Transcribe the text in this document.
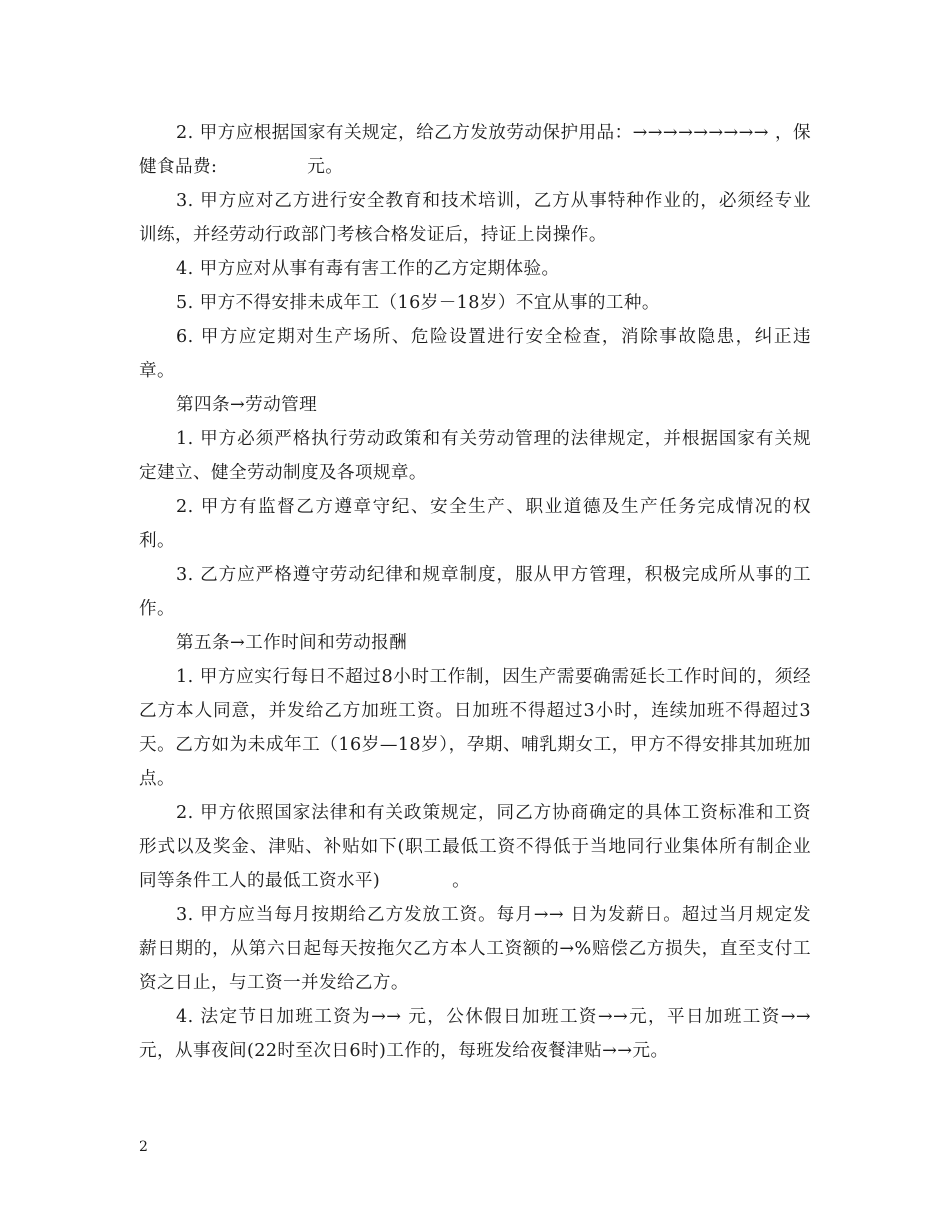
2. 甲方应根据国家有关规定，给乙方发放劳动保护用品：→→→→→→→→→ ，保健食品费:　　　　　元。

3. 甲方应对乙方进行安全教育和技术培训，乙方从事特种作业的，必须经专业训练，并经劳动行政部门考核合格发证后，持证上岗操作。

4. 甲方应对从事有毒有害工作的乙方定期体验。

5. 甲方不得安排未成年工（16岁－18岁）不宜从事的工种。

6. 甲方应定期对生产场所、危险设置进行安全检查，消除事故隐患，纠正违章。

第四条→劳动管理

1. 甲方必须严格执行劳动政策和有关劳动管理的法律规定，并根据国家有关规定建立、健全劳动制度及各项规章。

2. 甲方有监督乙方遵章守纪、安全生产、职业道德及生产任务完成情况的权利。

3. 乙方应严格遵守劳动纪律和规章制度，服从甲方管理，积极完成所从事的工作。

第五条→工作时间和劳动报酬

1. 甲方应实行每日不超过8小时工作制，因生产需要确需延长工作时间的，须经乙方本人同意，并发给乙方加班工资。日加班不得超过3小时，连续加班不得超过3天。乙方如为未成年工（16岁—18岁），孕期、哺乳期女工，甲方不得安排其加班加点。

2. 甲方依照国家法律和有关政策规定，同乙方协商确定的具体工资标准和工资形式以及奖金、津贴、补贴如下(职工最低工资不得低于当地同行业集体所有制企业同等条件工人的最低工资水平)　　　　。

3. 甲方应当每月按期给乙方发放工资。每月→→ 日为发薪日。超过当月规定发薪日期的，从第六日起每天按拖欠乙方本人工资额的→%赔偿乙方损失，直至支付工资之日止，与工资一并发给乙方。

4. 法定节日加班工资为→→ 元，公休假日加班工资→→元，平日加班工资→→元，从事夜间(22时至次日6时)工作的，每班发给夜餐津贴→→元。

2
